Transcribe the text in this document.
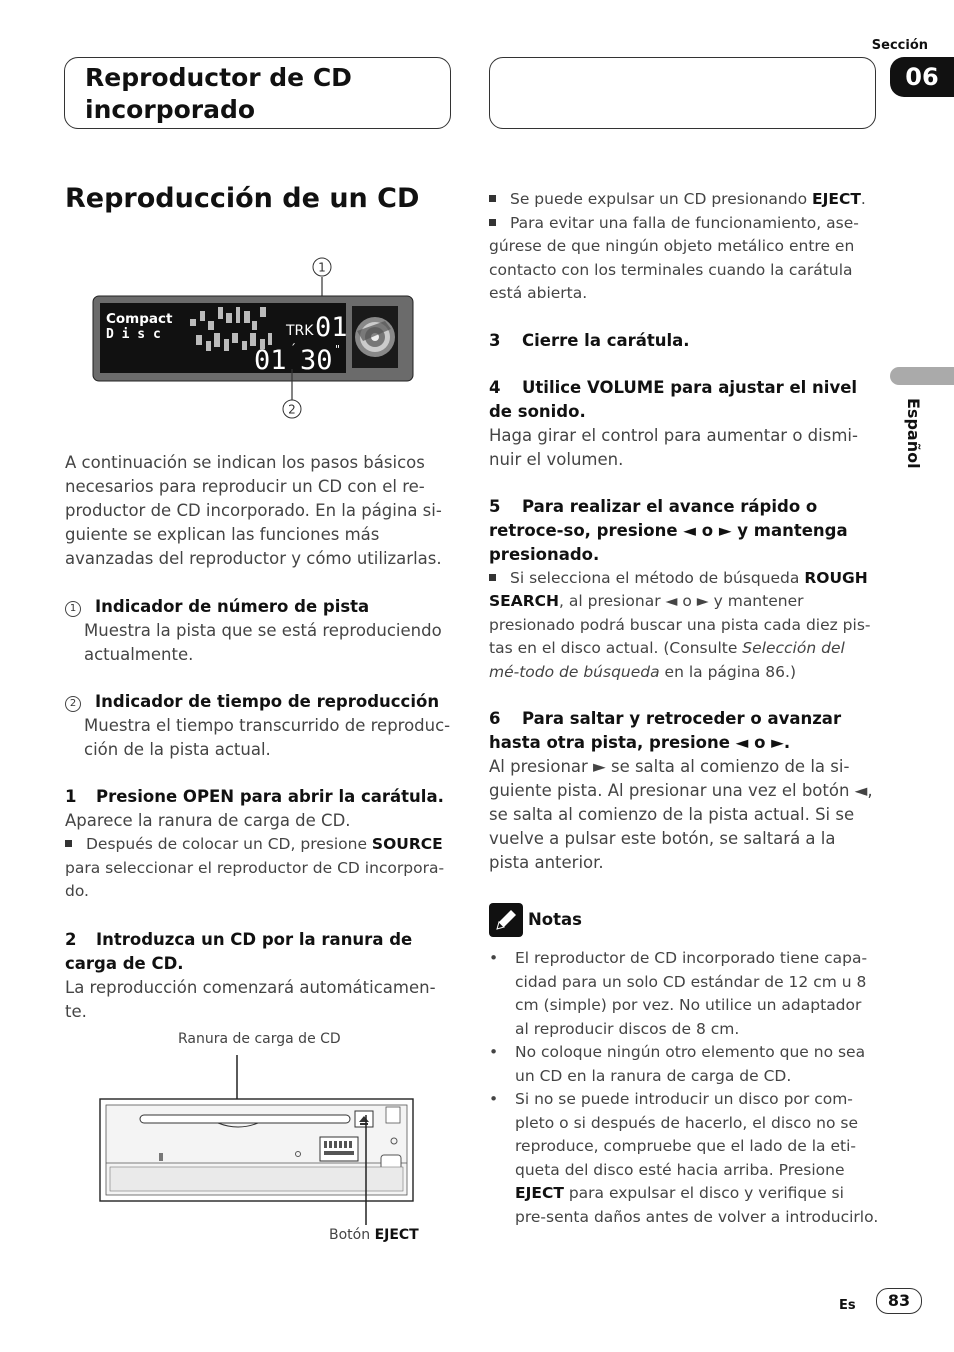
Reproductor de CD
incorporado
Sección
06
Español
Reproducción de un CD
1
Compact
D i s c	TRK 01
01 ´ 30 "
2

A continuación se indican los pasos básicos necesarios para reproducir un CD con el re-productor de CD incorporado. En la página si-guiente se explican las funciones más avanzadas del reproductor y cómo utilizarlas.

1 Indicador de número de pista

Muestra la pista que se está reproduciendo actualmente.

2 Indicador de tiempo de reproducción

Muestra el tiempo transcurrido de reproduc-ción de la pista actual.

1 Presione OPEN para abrir la carátula.

Aparece la ranura de carga de CD.

Después de colocar un CD, presione SOURCE para seleccionar el reproductor de CD incorpora-do.

2 Introduzca un CD por la ranura de carga de CD.

La reproducción comenzará automáticamen-te.

Ranura de carga de CD
Botón EJECT

Se puede expulsar un CD presionando EJECT.

Para evitar una falla de funcionamiento, ase-gúrese de que ningún objeto metálico entre en contacto con los terminales cuando la carátula está abierta.

3 Cierre la carátula.

4 Utilice VOLUME para ajustar el nivel de sonido.

Haga girar el control para aumentar o dismi-nuir el volumen.

5 Para realizar el avance rápido o retroce-so, presione ◄ o ► y mantenga presionado.

Si selecciona el método de búsqueda ROUGH SEARCH, al presionar ◄ o ► y mantener presionado podrá buscar una pista cada diez pis-tas en el disco actual. (Consulte Selección del mé-todo de búsqueda en la página 86.)

6 Para saltar y retroceder o avanzar hasta otra pista, presione ◄ o ►.

Al presionar ► se salta al comienzo de la si-guiente pista. Al presionar una vez el botón ◄, se salta al comienzo de la pista actual. Si se vuelve a pulsar este botón, se saltará a la pista anterior.

Notas
• El reproductor de CD incorporado tiene capa-cidad para un solo CD estándar de 12 cm u 8 cm (simple) por vez. No utilice un adaptador al reproducir discos de 8 cm.
• No coloque ningún otro elemento que no sea un CD en la ranura de carga de CD.
• Si no se puede introducir un disco por com-pleto o si después de hacerlo, el disco no se reproduce, compruebe que el lado de la eti-queta del disco esté hacia arriba. Presione EJECT para expulsar el disco y verifique si pre-senta daños antes de volver a introducirlo.
Es	83
